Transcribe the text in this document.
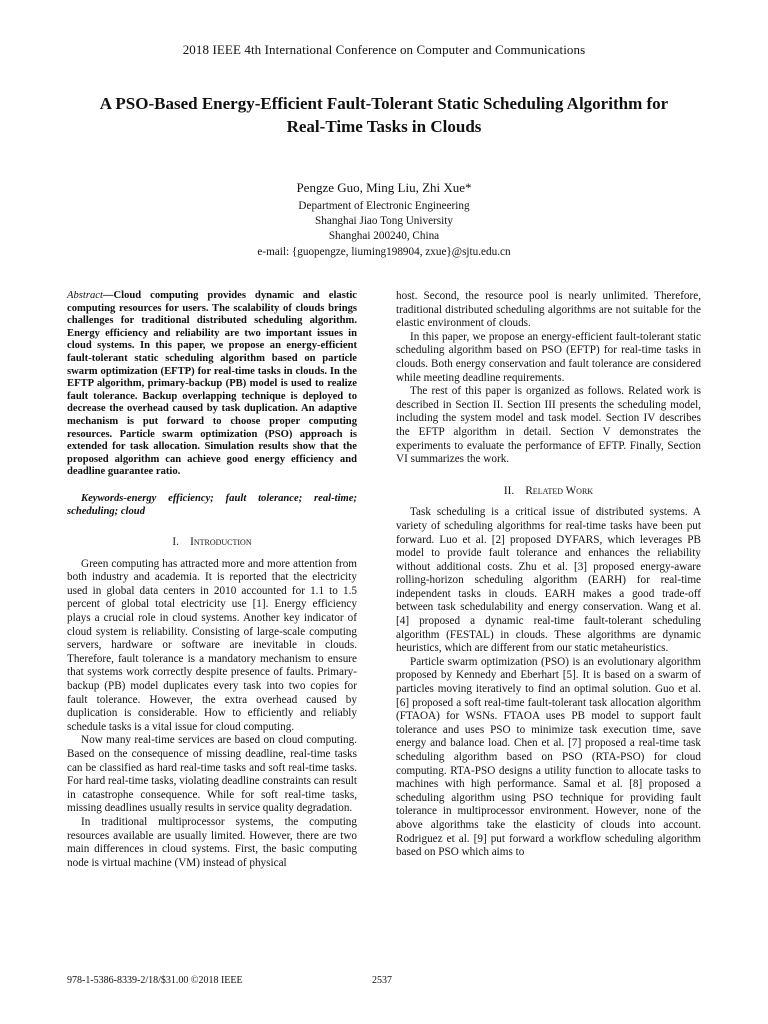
2018 IEEE 4th International Conference on Computer and Communications
A PSO-Based Energy-Efficient Fault-Tolerant Static Scheduling Algorithm for
Real-Time Tasks in Clouds
Pengze Guo, Ming Liu, Zhi Xue*
Department of Electronic Engineering
Shanghai Jiao Tong University
Shanghai 200240, China
e-mail: {guopengze, liuming198904, zxue}@sjtu.edu.cn

Abstract—Cloud computing provides dynamic and elastic computing resources for users. The scalability of clouds brings challenges for traditional distributed scheduling algorithm. Energy efficiency and reliability are two important issues in cloud systems. In this paper, we propose an energy-efficient fault-tolerant static scheduling algorithm based on particle swarm optimization (EFTP) for real-time tasks in clouds. In the EFTP algorithm, primary-backup (PB) model is used to realize fault tolerance. Backup overlapping technique is deployed to decrease the overhead caused by task duplication. An adaptive mechanism is put forward to choose proper computing resources. Particle swarm optimization (PSO) approach is extended for task allocation. Simulation results show that the proposed algorithm can achieve good energy efficiency and deadline guarantee ratio.

Keywords-energy efficiency; fault tolerance; real-time; scheduling; cloud

I. Introduction

Green computing has attracted more and more attention from both industry and academia. It is reported that the electricity used in global data centers in 2010 accounted for 1.1 to 1.5 percent of global total electricity use [1]. Energy efficiency plays a crucial role in cloud systems. Another key indicator of cloud system is reliability. Consisting of large-scale computing servers, hardware or software are inevitable in clouds. Therefore, fault tolerance is a mandatory mechanism to ensure that systems work correctly despite presence of faults. Primary-backup (PB) model duplicates every task into two copies for fault tolerance. However, the extra overhead caused by duplication is considerable. How to efficiently and reliably schedule tasks is a vital issue for cloud computing.

Now many real-time services are based on cloud computing. Based on the consequence of missing deadline, real-time tasks can be classified as hard real-time tasks and soft real-time tasks. For hard real-time tasks, violating deadline constraints can result in catastrophe consequence. While for soft real-time tasks, missing deadlines usually results in service quality degradation.

In traditional multiprocessor systems, the computing resources available are usually limited. However, there are two main differences in cloud systems. First, the basic computing node is virtual machine (VM) instead of physical

host. Second, the resource pool is nearly unlimited. Therefore, traditional distributed scheduling algorithms are not suitable for the elastic environment of clouds.

In this paper, we propose an energy-efficient fault-tolerant static scheduling algorithm based on PSO (EFTP) for real-time tasks in clouds. Both energy conservation and fault tolerance are considered while meeting deadline requirements.

The rest of this paper is organized as follows. Related work is described in Section II. Section III presents the scheduling model, including the system model and task model. Section IV describes the EFTP algorithm in detail. Section V demonstrates the experiments to evaluate the performance of EFTP. Finally, Section VI summarizes the work.

II. Related Work

Task scheduling is a critical issue of distributed systems. A variety of scheduling algorithms for real-time tasks have been put forward. Luo et al. [2] proposed DYFARS, which leverages PB model to provide fault tolerance and enhances the reliability without additional costs. Zhu et al. [3] proposed energy-aware rolling-horizon scheduling algorithm (EARH) for real-time independent tasks in clouds. EARH makes a good trade-off between task schedulability and energy conservation. Wang et al. [4] proposed a dynamic real-time fault-tolerant scheduling algorithm (FESTAL) in clouds. These algorithms are dynamic heuristics, which are different from our static metaheuristics.

Particle swarm optimization (PSO) is an evolutionary algorithm proposed by Kennedy and Eberhart [5]. It is based on a swarm of particles moving iteratively to find an optimal solution. Guo et al. [6] proposed a soft real-time fault-tolerant task allocation algorithm (FTAOA) for WSNs. FTAOA uses PB model to support fault tolerance and uses PSO to minimize task execution time, save energy and balance load. Chen et al. [7] proposed a real-time task scheduling algorithm based on PSO (RTA-PSO) for cloud computing. RTA-PSO designs a utility function to allocate tasks to machines with high performance. Samal et al. [8] proposed a scheduling algorithm using PSO technique for providing fault tolerance in multiprocessor environment. However, none of the above algorithms take the elasticity of clouds into account. Rodriguez et al. [9] put forward a workflow scheduling algorithm based on PSO which aims to

978-1-5386-8339-2/18/$31.00 ©2018 IEEE	2537
